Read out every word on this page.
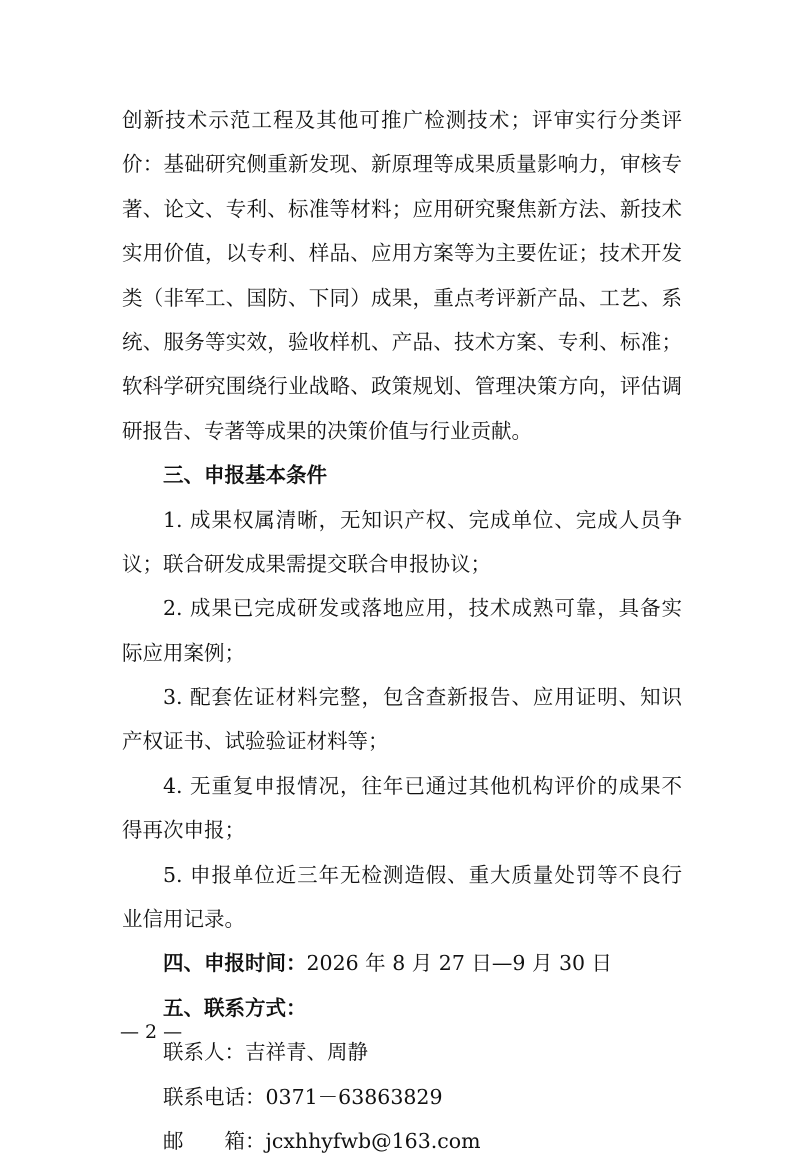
创新技术示范工程及其他可推广检测技术；评审实行分类评
价：基础研究侧重新发现、新原理等成果质量影响力，审核专
著、论文、专利、标准等材料；应用研究聚焦新方法、新技术
实用价值，以专利、样品、应用方案等为主要佐证；技术开发
类（非军工、国防、下同）成果，重点考评新产品、工艺、系
统、服务等实效，验收样机、产品、技术方案、专利、标准；
软科学研究围绕行业战略、政策规划、管理决策方向，评估调
研报告、专著等成果的决策价值与行业贡献。
三、申报基本条件
1. 成果权属清晰，无知识产权、完成单位、完成人员争
议；联合研发成果需提交联合申报协议；
2. 成果已完成研发或落地应用，技术成熟可靠，具备实
际应用案例；
3. 配套佐证材料完整，包含查新报告、应用证明、知识
产权证书、试验验证材料等；
4. 无重复申报情况，往年已通过其他机构评价的成果不
得再次申报；
5. 申报单位近三年无检测造假、重大质量处罚等不良行
业信用记录。
四、申报时间：2026 年 8 月 27 日—9 月 30 日
五、联系方式：
联系人：吉祥青、周静
联系电话：0371－63863829
邮　　箱：jcxhhyfwb@163.com
— 2 —
